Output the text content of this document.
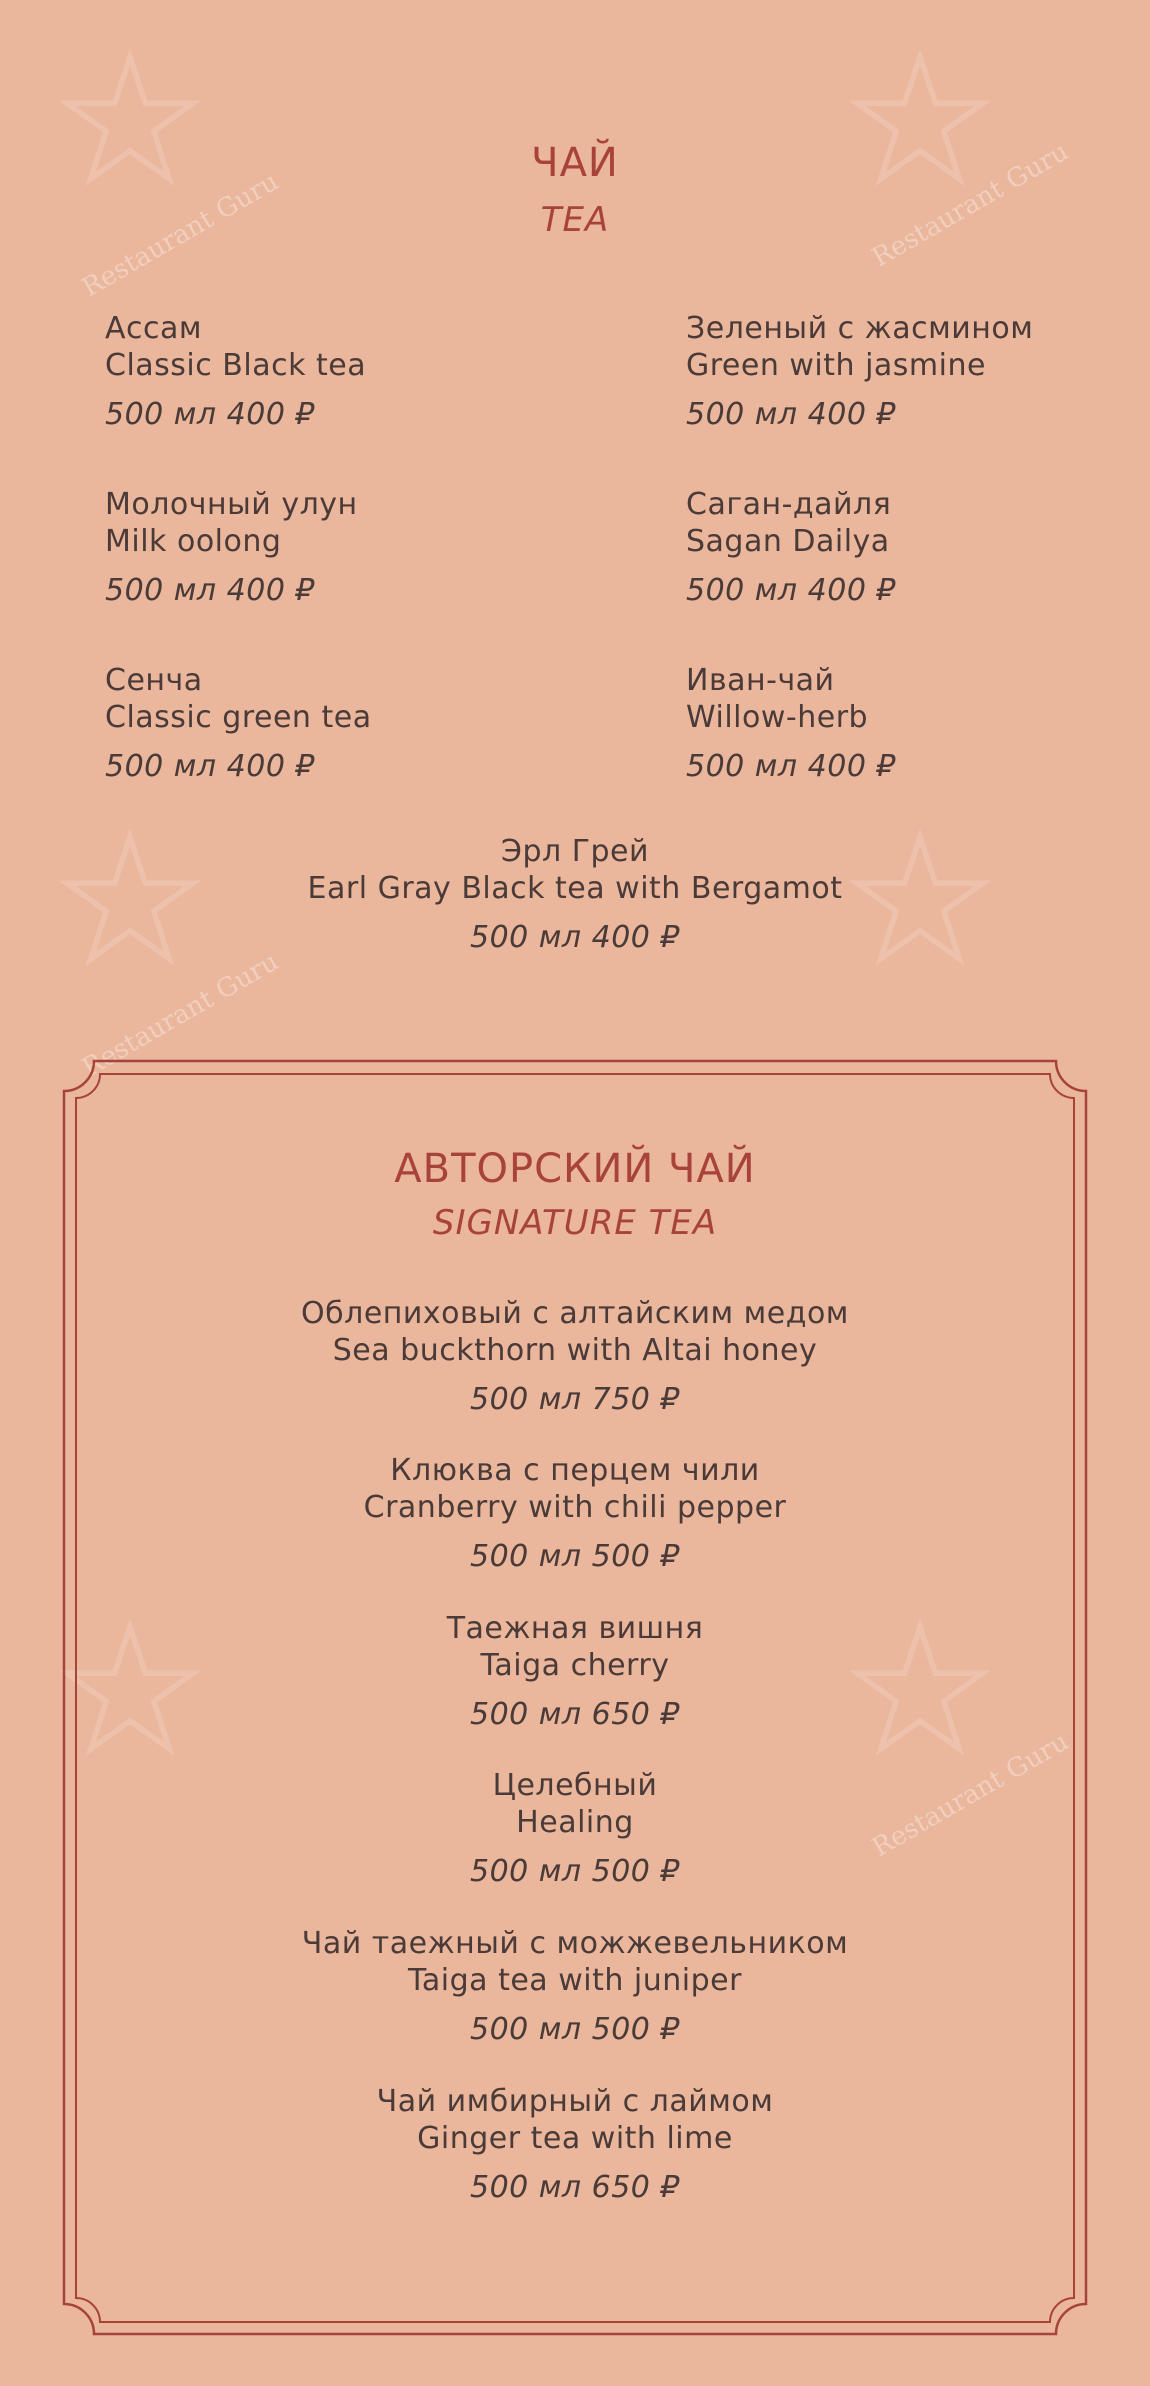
Restaurant Guru	Restaurant Guru
Restaurant Guru
Restaurant Guru
ЧАЙ
TEA
Ассам
Classic Black tea
500 мл 400 ₽
Зеленый с жасмином
Green with jasmine
500 мл 400 ₽
Молочный улун
Milk oolong
500 мл 400 ₽
Саган-дайля
Sagan Dailya
500 мл 400 ₽
Сенча
Classic green tea
500 мл 400 ₽
Иван-чай
Willow-herb
500 мл 400 ₽
Эрл Грей
Earl Gray Black tea with Bergamot
500 мл 400 ₽
АВТОРСКИЙ ЧАЙ
SIGNATURE TEA
Облепиховый с алтайским медом
Sea buckthorn with Altai honey
500 мл 750 ₽
Клюква с перцем чили
Cranberry with chili pepper
500 мл 500 ₽
Таежная вишня
Taiga cherry
500 мл 650 ₽
Целебный
Healing
500 мл 500 ₽
Чай таежный с можжевельником
Taiga tea with juniper
500 мл 500 ₽
Чай имбирный с лаймом
Ginger tea with lime
500 мл 650 ₽
